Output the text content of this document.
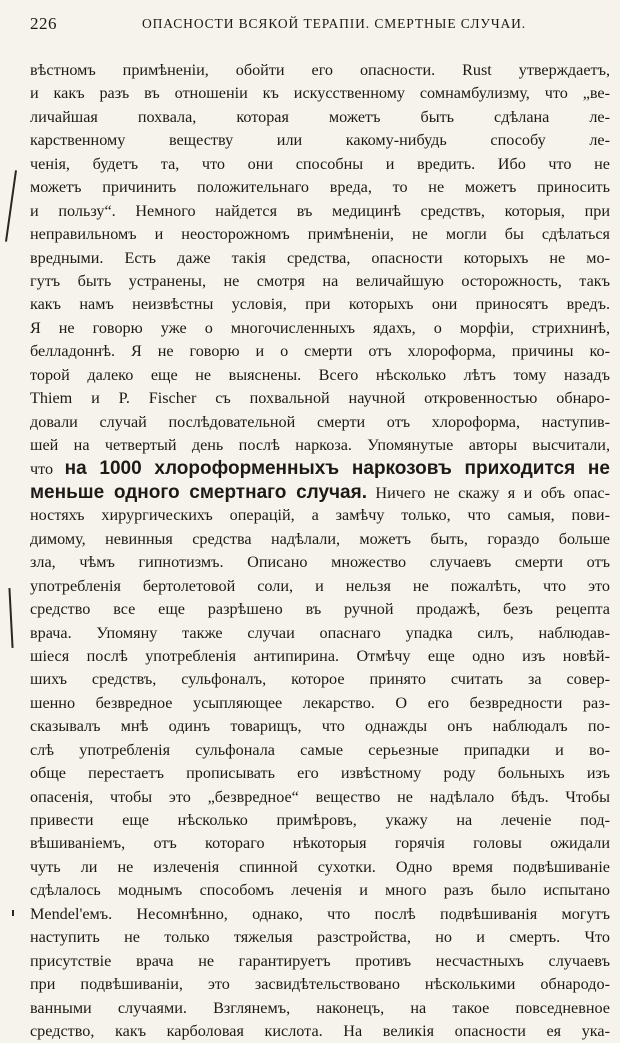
226	ОПАСНОСТИ ВСЯКОЙ ТЕРАПІИ. СМЕРТНЫЕ СЛУЧАИ.
вѣстномъ примѣненіи, обойти его опасности. Rust утверждаетъ,
и какъ разъ въ отношеніи къ искусственному сомнамбулизму, что „ве-
личайшая похвала, которая можетъ быть сдѣлана ле-
карственному веществу или какому-нибудь способу ле-
ченія, будетъ та, что они способны и вредить. Ибо что не
можетъ причинить положительнаго вреда, то не можетъ приносить
и пользу“. Немного найдется въ медицинѣ средствъ, которыя, при
неправильномъ и неосторожномъ примѣненіи, не могли бы сдѣлаться
вредными. Есть даже такія средства, опасности которыхъ не мо-
гутъ быть устранены, не смотря на величайшую осторожность, такъ
какъ намъ неизвѣстны условія, при которыхъ они приносятъ вредъ.
Я не говорю уже о многочисленныхъ ядахъ, о морфіи, стрихнинѣ,
белладоннѣ. Я не говорю и о смерти отъ хлороформа, причины ко-
торой далеко еще не выяснены. Всего нѣсколько лѣтъ тому назадъ
Thiem и P. Fischer съ похвальной научной откровенностью обнаро-
довали случай послѣдовательной смерти отъ хлороформа, наступив-
шей на четвертый день послѣ наркоза. Упомянутые авторы высчитали,
что на 1000 хлороформенныхъ наркозовъ приходится не
меньше одного смертнаго случая. Ничего не скажу я и объ опас-
ностяхъ хирургическихъ операцій, а замѣчу только, что самыя, пови-
димому, невинныя средства надѣлали, можетъ быть, гораздо больше
зла, чѣмъ гипнотизмъ. Описано множество случаевъ смерти отъ
употребленія бертолетовой соли, и нельзя не пожалѣть, что это
средство все еще разрѣшено въ ручной продажѣ, безъ рецепта
врача. Упомяну также случаи опаснаго упадка силъ, наблюдав-
шіеся послѣ употребленія антипирина. Отмѣчу еще одно изъ новѣй-
шихъ средствъ, сульфоналъ, которое принято считать за совер-
шенно безвредное усыпляющее лекарство. О его безвредности раз-
сказывалъ мнѣ одинъ товарищъ, что однажды онъ наблюдалъ по-
слѣ употребленія сульфонала самые серьезные припадки и во-
обще перестаетъ прописывать его извѣстному роду больныхъ изъ
опасенія, чтобы это „безвредное“ вещество не надѣлало бѣдъ. Чтобы
привести еще нѣсколько примѣровъ, укажу на леченіе под-
вѣшиваніемъ, отъ котораго нѣкоторыя горячія головы ожидали
чуть ли не излеченія спинной сухотки. Одно время подвѣшиваніе
сдѣлалось моднымъ способомъ леченія и много разъ было испытано
Mendel'емъ. Несомнѣнно, однако, что послѣ подвѣшиванія могутъ
наступить не только тяжелыя разстройства, но и смерть. Что
присутствіе врача не гарантируетъ противъ несчастныхъ случаевъ
при подвѣшиваніи, это засвидѣтельствовано нѣсколькими обнародо-
ванными случаями. Взглянемъ, наконецъ, на такое повседневное
средство, какъ карболовая кислота. На великія опасности ея ука-
